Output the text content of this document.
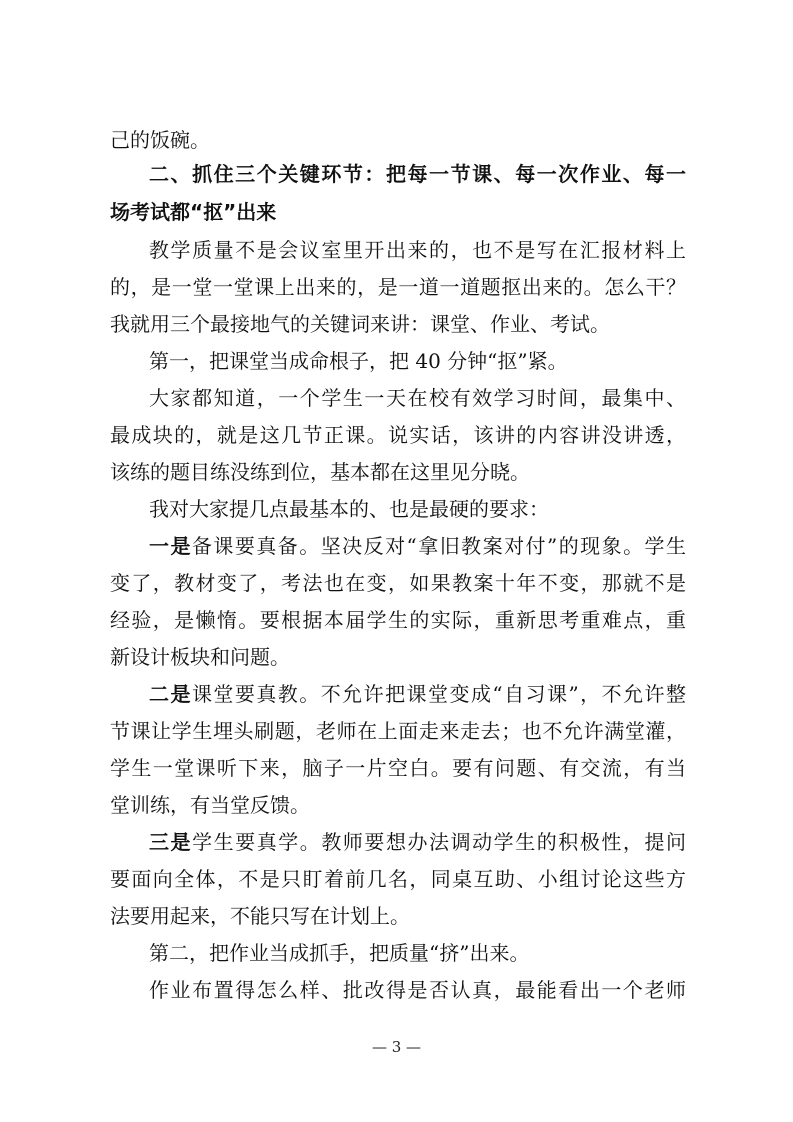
己的饭碗。
二、抓住三个关键环节：把每一节课、每一次作业、每一
场考试都“抠”出来
教学质量不是会议室里开出来的，也不是写在汇报材料上
的，是一堂一堂课上出来的，是一道一道题抠出来的。怎么干？
我就用三个最接地气的关键词来讲：课堂、作业、考试。
第一，把课堂当成命根子，把 40 分钟“抠”紧。
大家都知道，一个学生一天在校有效学习时间，最集中、
最成块的，就是这几节正课。说实话，该讲的内容讲没讲透，
该练的题目练没练到位，基本都在这里见分晓。
我对大家提几点最基本的、也是最硬的要求：
一是备课要真备。坚决反对“拿旧教案对付”的现象。学生
变了，教材变了，考法也在变，如果教案十年不变，那就不是
经验，是懒惰。要根据本届学生的实际，重新思考重难点，重
新设计板块和问题。
二是课堂要真教。不允许把课堂变成“自习课”，不允许整
节课让学生埋头刷题，老师在上面走来走去；也不允许满堂灌，
学生一堂课听下来，脑子一片空白。要有问题、有交流，有当
堂训练，有当堂反馈。
三是学生要真学。教师要想办法调动学生的积极性，提问
要面向全体，不是只盯着前几名，同桌互助、小组讨论这些方
法要用起来，不能只写在计划上。
第二，把作业当成抓手，把质量“挤”出来。
作业布置得怎么样、批改得是否认真，最能看出一个老师
— 3 —
